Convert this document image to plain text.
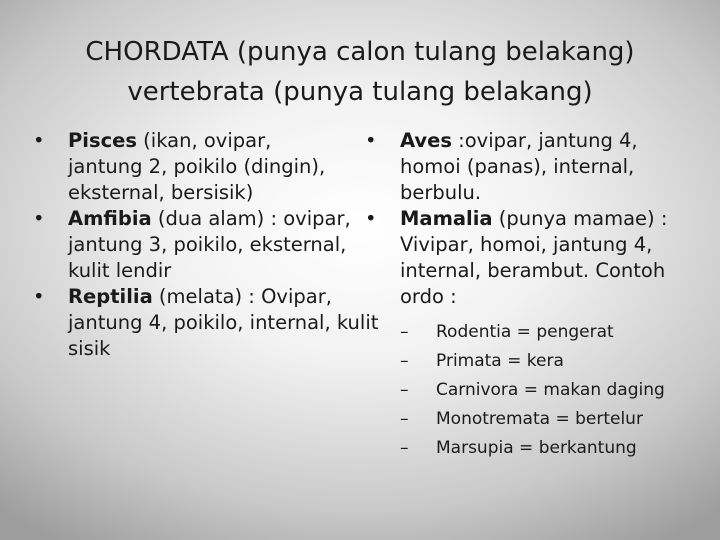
CHORDATA (punya calon tulang belakang)
vertebrata (punya tulang belakang)
• Pisces (ikan, ovipar, jantung 2, poikilo (dingin), eksternal, bersisik)
• Amfibia (dua alam) : ovipar, jantung 3, poikilo, eksternal, kulit lendir
• Reptilia (melata) : Ovipar, jantung 4, poikilo, internal, kulit sisik
• Aves :ovipar, jantung 4, homoi (panas), internal, berbulu.
• Mamalia (punya mamae) : Vivipar, homoi, jantung 4, internal, berambut. Contoh ordo :
– Rodentia = pengerat
– Primata = kera
– Carnivora = makan daging
– Monotremata = bertelur
– Marsupia = berkantung
